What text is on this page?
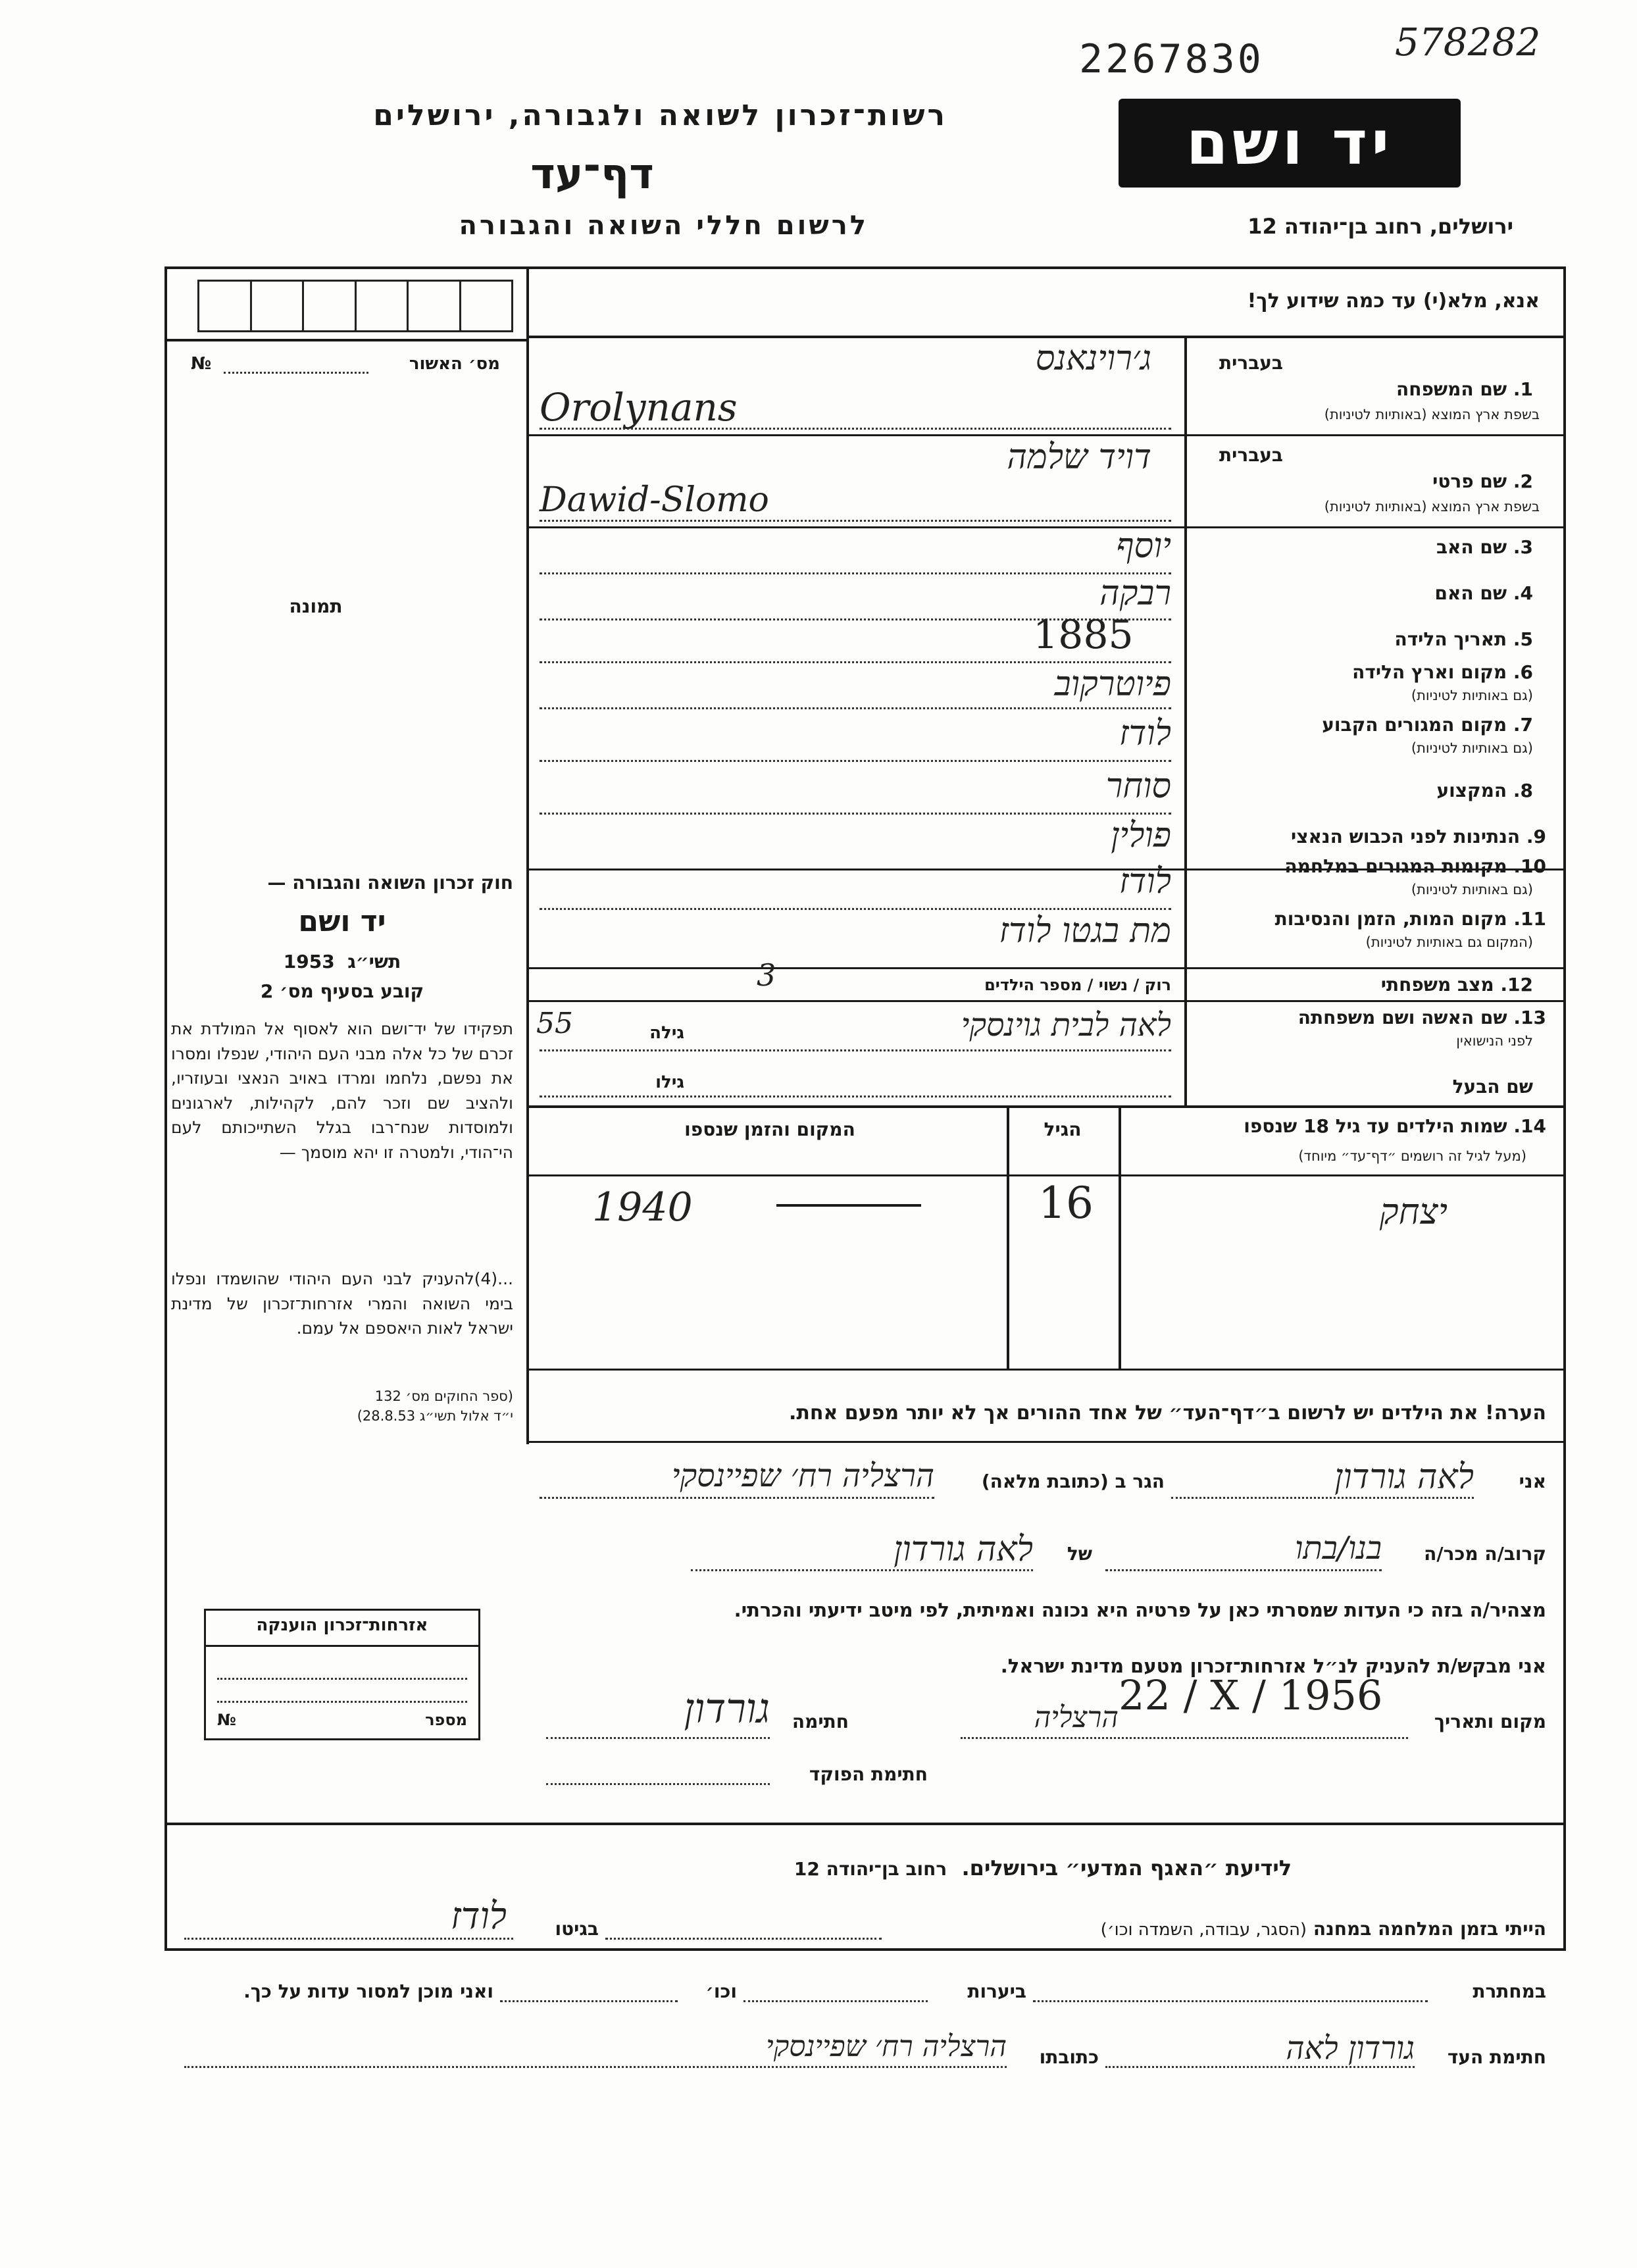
2267830	578282
רשות־זכרון לשואה ולגבורה, ירושלים
דף־עד
לרשום חללי השואה והגבורה
יד ושם
ירושלים, רחוב בן־יהודה 12
אנא, מלא(י) עד כמה שידוע לך!
מס׳ האשור
№
תמונה
חוק זכרון השואה והגבורה —
יד ושם
תשי״ג  1953
קובע בסעיף מס׳ 2
תפקידו של יד־ושם הוא לאסוף אל המולדת את זכרם של כל אלה מבני העם היהודי, שנפלו ומסרו את נפשם, נלחמו ומרדו באויב הנאצי ובעוזריו, ולהציב שם וזכר להם, לקהילות, לארגונים ולמוסדות שנח־רבו בגלל השתייכותם לעם הי־הודי, ולמטרה זו יהא מוסמך —
...(4)להעניק לבני העם היהודי שהושמדו ונפלו בימי השואה והמרי אזרחות־זכרון של מדינת ישראל לאות היאספם אל עמם.
(ספר החוקים מס׳ 132
י״ד אלול תשי״ג 28.8.53)
אזרחות־זכרון הוענקה
מספר
№
בעברית
1. שם המשפחה
בשפת ארץ המוצא (באותיות לטיניות)
ג׳רוינאנס
Orolynans
בעברית
2. שם פרטי
בשפת ארץ המוצא (באותיות לטיניות)
דויד שלמה
Dawid-Slomo
3. שם האב
יוסף
4. שם האם
רבקה
5. תאריך הלידה
1885
6. מקום וארץ הלידה
(גם באותיות לטיניות)
פיוטרקוב
7. מקום המגורים הקבוע
(גם באותיות לטיניות)
לודז
8. המקצוע
סוחר
9. הנתינות לפני הכבוש הנאצי
פולין
10. מקומות המגורים במלחמה
(גם באותיות לטיניות)
לודז
11. מקום המות, הזמן והנסיבות
(המקום גם באותיות לטיניות)
מת בגטו לודז
12. מצב משפחתי
רוק / נשוי / מספר הילדים
3
13. שם האשה ושם משפחתה
לפני הנישואין
לאה לבית גוינסקי
גילה
55
שם הבעל
גילו
14. שמות הילדים עד גיל 18 שנספו
(מעל לגיל זה רושמים ״דף־עד״ מיוחד)
הגיל
המקום והזמן שנספו
יצחק
16
1940
הערה! את הילדים יש לרשום ב״דף־העד״ של אחד ההורים אך לא יותר מפעם אחת.
אני
לאה גורדון
הגר ב (כתובת מלאה)
הרצליה רח׳ שפיינסקי
קרוב/ה מכר/ה
בנו/בתו
של
לאה גורדון
מצהיר/ה בזה כי העדות שמסרתי כאן על פרטיה היא נכונה ואמיתית, לפי מיטב ידיעתי והכרתי.
אני מבקש/ת להעניק לנ״ל אזרחות־זכרון מטעם מדינת ישראל.
מקום ותאריך
הרצליה 22 / X / 1956
חתימה
גורדון
חתימת הפוקד
לידיעת ״האגף המדעי״ בירושלים.  רחוב בן־יהודה 12
הייתי בזמן המלחמה במחנה (הסגר, עבודה, השמדה וכו׳)
בגיטו
לודז
במחתרת
ביערות
וכו׳
ואני מוכן למסור עדות על כך.
חתימת העד
גורדון לאה
כתובתו
הרצליה רח׳ שפיינסקי
